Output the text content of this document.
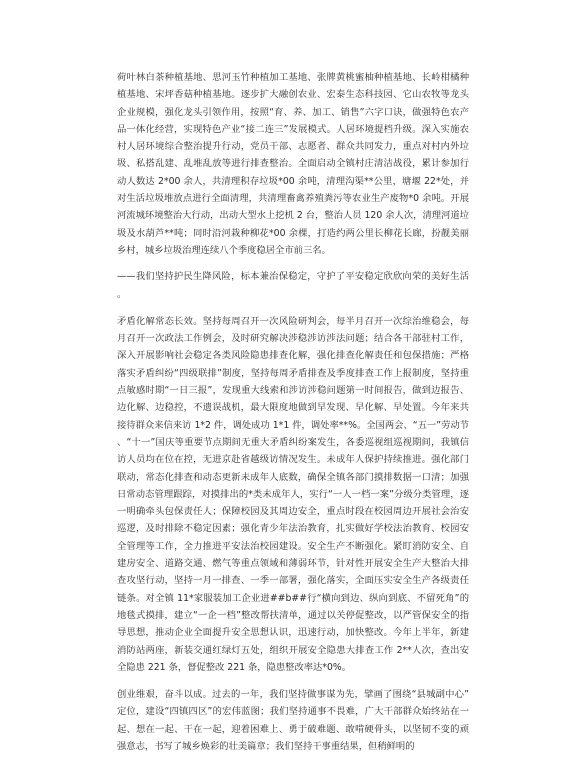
荷叶林白茶种植基地、思河玉竹种植加工基地、张牌黄桃蜜柚种植基地、长岭柑橘种植基地、宋坪香菇种植基地。逐步扩大融创农业、宏泰生态科技园、它山农牧等龙头企业规模，强化龙头引领作用，按照“育、养、加工、销售”六字口诀，做强特色农产品一体化经营，实现特色产业“接二连三”发展模式。人居环境提档升级。深入实施农村人居环境综合整治提升行动，党员干部、志愿者、群众共同发力，重点对村内外垃圾、私搭乱建、乱堆乱放等进行排查整治。全面启动全镇村庄清洁战役，累计参加行动人数达 2*00 余人，共清理积存垃圾*00 余吨，清理沟渠**公里，塘堰 22*处，并对生活垃圾堆放点进行全面清理，共清理畜禽养殖粪污等农业生产废物*0 余吨。开展河流城环境整治大行动，出动大型水上挖机 2 台，整治人员 120 余人次，清理河道垃圾及水葫芦**吨；同时沿河栽种柳花*00 余棵，打造约两公里长柳花长廊，扮靓美丽乡村，城乡垃圾治理连续八个季度稳居全市前三名。

——我们坚持护民生降风险，标本兼治保稳定，守护了平安稳定欣欣向荣的美好生活。

矛盾化解常态长效。坚持每周召开一次风险研判会，每半月召开一次综治维稳会，每月召开一次政法工作例会，及时研究解决涉稳涉访涉法问题；结合各干部驻村工作，深入开展影响社会稳定各类风险隐患排查化解，强化排查化解责任和包保措施；严格落实矛盾纠纷“四级联排”制度，坚持每周矛盾排查及季度排查工作上报制度，坚持重点敏感时期“一日三报”，发现重大线索和涉访涉稳问题第一时间报告，做到边报告、边化解、边稳控，不遗误战机，最大限度地做到早发现、早化解、早处置。今年来共接待群众来信来访 1*2 件，调处成功 1*1 件，调处率**%。全国两会、“五一”劳动节、“十一”国庆等重要节点期间无重大矛盾纠纷案发生，各委巡视组巡视期间，我镇信访人员均在位在控，无进京赴省越级访情况发生。未成年人保护持续推进。强化部门联动，常态化排查和动态更新未成年人底数，确保全镇各部门摸排数据一口清；加强日常动态管理跟踪，对摸排出的*类未成年人，实行“一人一档一案”分级分类管理，逐一明确牵头包保责任人；保障校园及其周边安全，重点时段在校园周边开展社会治安巡逻，及时排除不稳定因素；强化青少年法治教育，扎实做好学校法治教育、校园安全管理等工作，全力推进平安法治校园建设。安全生产不断强化。紧盯消防安全、自建房安全、道路交通、燃气等重点领域和薄弱环节，针对性开展安全生产大整治大排查攻坚行动，坚持一月一排查、一季一部署，强化落实，全面压实安全生产各级责任链条。对全镇 11*家服装加工企业进##b##行“横向到边、纵向到底、不留死角”的地毯式摸排，建立“一企一档”整改帮扶清单，通过以关停促整改，以严管保安全的指导思想，推动企业全面提升安全思想认识，迅速行动，加快整改。今年上半年，新建消防站两座，新装交通红绿灯五处，组织开展安全隐患大排查工作 2**人次，查出安全隐患 221 条，督促整改 221 条，隐患整改率达*0%。

创业维艰，奋斗以成。过去的一年，我们坚持做事谋为先，擘画了围绕“县城副中心”定位，建设“四镇四区”的宏伟蓝图；我们坚持通事不畏难，广大干部群众始终站在一起、想在一起、干在一起，迎着困难上、勇于破难题、敢啃硬骨头，以坚韧不变的顽强意志，书写了城乡焕彩的壮美篇章；我们坚持干事重结果，但稍鲜明的
